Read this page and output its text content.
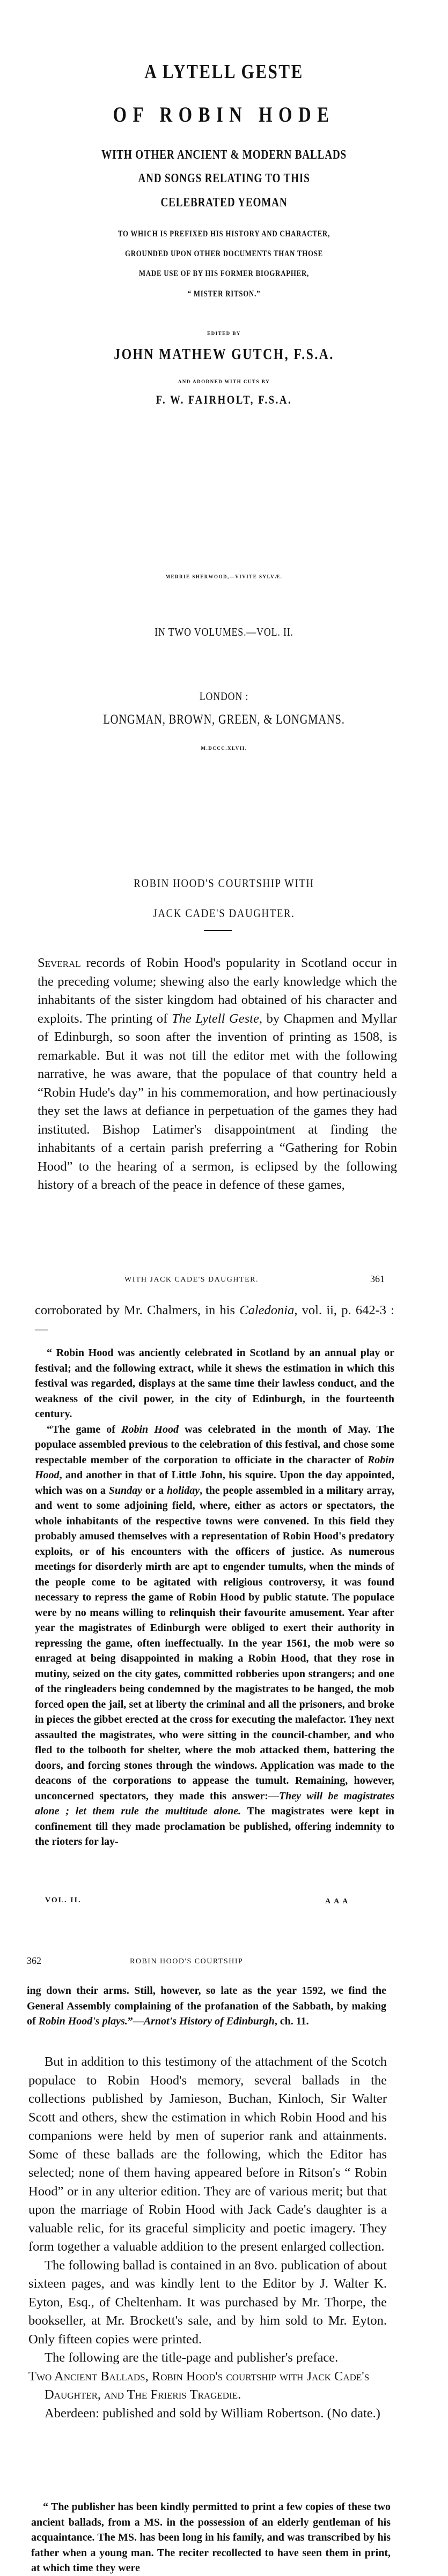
A LYTELL GESTE
OF ROBIN HODE
WITH OTHER ANCIENT & MODERN BALLADS
AND SONGS RELATING TO THIS
CELEBRATED YEOMAN
TO WHICH IS PREFIXED HIS HISTORY AND CHARACTER,
GROUNDED UPON OTHER DOCUMENTS THAN THOSE
MADE USE OF BY HIS FORMER BIOGRAPHER,
“ MISTER RITSON.”
EDITED BY
JOHN MATHEW GUTCH, F.S.A.
AND ADORNED WITH CUTS BY
F. W. FAIRHOLT, F.S.A.
MERRIE SHERWOOD,—VIVITE SYLVÆ.
IN TWO VOLUMES.—VOL. II.
LONDON :
LONGMAN, BROWN, GREEN, & LONGMANS.
M.DCCC.XLVII.
ROBIN HOOD'S COURTSHIP WITH
JACK CADE'S DAUGHTER.

Several records of Robin Hood's popularity in Scotland occur in the preceding volume; shewing also the early knowledge which the inhabitants of the sister kingdom had obtained of his character and exploits. The printing of The Lytell Geste, by Chapmen and Myllar of Edinburgh, so soon after the invention of printing as 1508, is remarkable. But it was not till the editor met with the following narrative, he was aware, that the populace of that country held a “Robin Hude's day” in his commemoration, and how pertinaciously they set the laws at defiance in perpetuation of the games they had instituted. Bishop Latimer's disappointment at finding the inhabitants of a certain parish preferring a “Gathering for Robin Hood” to the hearing of a sermon, is eclipsed by the following history of a breach of the peace in defence of these games,

WITH JACK CADE'S DAUGHTER.	361

corroborated by Mr. Chalmers, in his Caledonia, vol. ii, p. 642-3 :—

“ Robin Hood was anciently celebrated in Scotland by an annual play or festival; and the following extract, while it shews the estimation in which this festival was regarded, displays at the same time their lawless conduct, and the weakness of the civil power, in the city of Edinburgh, in the fourteenth century.

“The game of Robin Hood was celebrated in the month of May. The populace assembled previous to the celebration of this festival, and chose some respectable member of the corporation to officiate in the character of Robin Hood, and another in that of Little John, his squire. Upon the day appointed, which was on a Sunday or a holiday, the people assembled in a military array, and went to some adjoining field, where, either as actors or spectators, the whole inhabitants of the respective towns were convened. In this field they probably amused themselves with a representation of Robin Hood's predatory exploits, or of his encounters with the officers of justice. As numerous meetings for disorderly mirth are apt to engender tumults, when the minds of the people come to be agitated with religious controversy, it was found necessary to repress the game of Robin Hood by public statute. The populace were by no means willing to relinquish their favourite amusement. Year after year the magistrates of Edinburgh were obliged to exert their authority in repressing the game, often ineffectually. In the year 1561, the mob were so enraged at being disappointed in making a Robin Hood, that they rose in mutiny, seized on the city gates, committed robberies upon strangers; and one of the ringleaders being condemned by the magistrates to be hanged, the mob forced open the jail, set at liberty the criminal and all the prisoners, and broke in pieces the gibbet erected at the cross for executing the malefactor. They next assaulted the magistrates, who were sitting in the council-chamber, and who fled to the tolbooth for shelter, where the mob attacked them, battering the doors, and forcing stones through the windows. Application was made to the deacons of the corporations to appease the tumult. Remaining, however, unconcerned spectators, they made this answer:—They will be magistrates alone ; let them rule the multitude alone. The magistrates were kept in confinement till they made proclamation be published, offering indemnity to the rioters for lay-

VOL. II.	A A A
362	ROBIN HOOD'S COURTSHIP

ing down their arms. Still, however, so late as the year 1592, we find the General Assembly complaining of the profanation of the Sabbath, by making of Robin Hood's plays.”—Arnot's History of Edinburgh, ch. 11.

But in addition to this testimony of the attachment of the Scotch populace to Robin Hood's memory, several ballads in the collections published by Jamieson, Buchan, Kinloch, Sir Walter Scott and others, shew the estimation in which Robin Hood and his companions were held by men of superior rank and attainments. Some of these ballads are the following, which the Editor has selected; none of them having appeared before in Ritson's “ Robin Hood” or in any ulterior edition. They are of various merit; but that upon the marriage of Robin Hood with Jack Cade's daughter is a valuable relic, for its graceful simplicity and poetic imagery. They form together a valuable addition to the present enlarged collection.

The following ballad is contained in an 8vo. publication of about sixteen pages, and was kindly lent to the Editor by J. Walter K. Eyton, Esq., of Cheltenham. It was purchased by Mr. Thorpe, the bookseller, at Mr. Brockett's sale, and by him sold to Mr. Eyton. Only fifteen copies were printed.

The following are the title-page and publisher's preface.

Two Ancient Ballads, Robin Hood's courtship with Jack Cade's Daughter, and The Frieris Tragedie.

Aberdeen: published and sold by William Robertson. (No date.)

“ The publisher has been kindly permitted to print a few copies of these two ancient ballads, from a MS. in the possession of an elderly gentleman of his acquaintance. The MS. has been long in his family, and was transcribed by his father when a young man. The reciter recollected to have seen them in print, at which time they were
